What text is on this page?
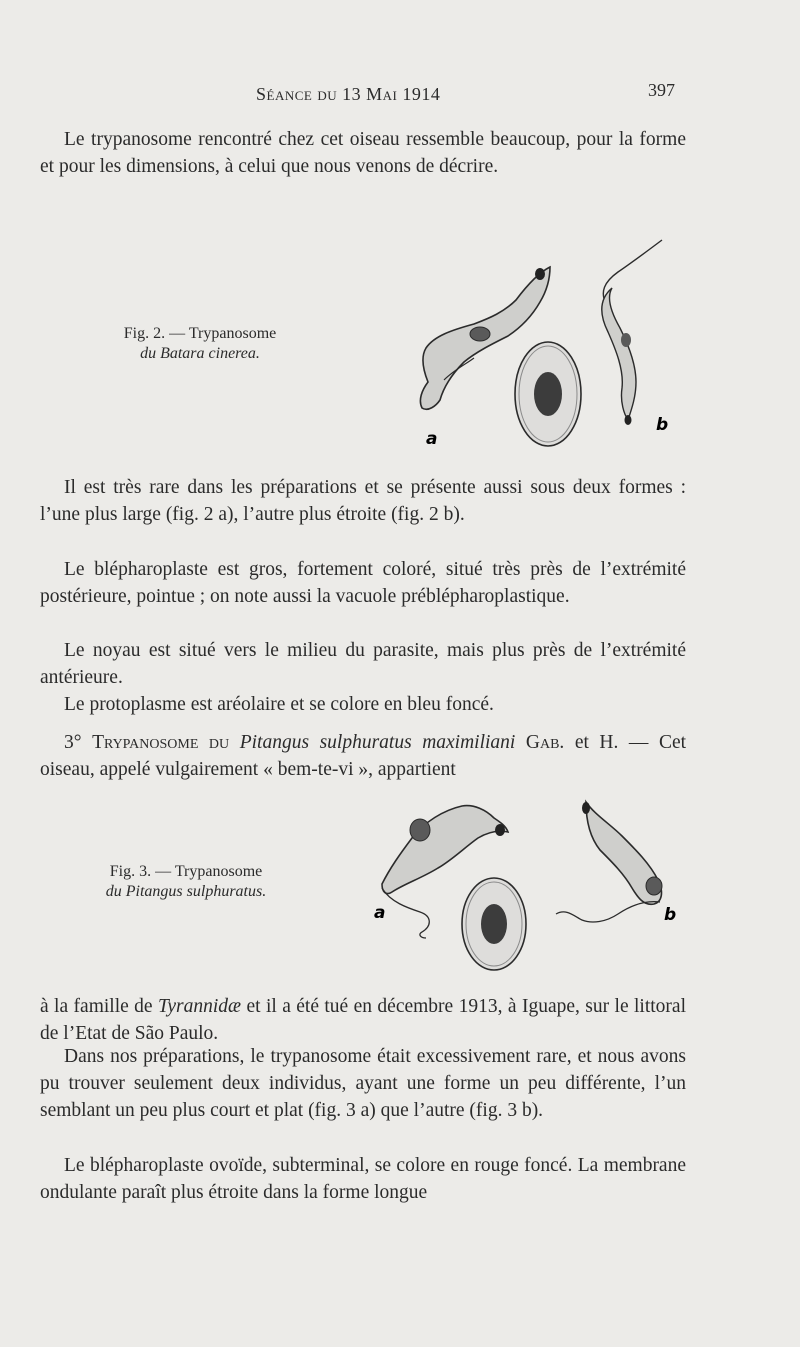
Séance du 13 Mai 1914	397

Le trypanosome rencontré chez cet oiseau ressemble beaucoup, pour la forme et pour les dimensions, à celui que nous venons de décrire.

Fig. 2. — Trypanosome
du Batara cinerea.
a
b

Il est très rare dans les préparations et se présente aussi sous deux formes : l’une plus large (fig. 2 a), l’autre plus étroite (fig. 2 b).

Le blépharoplaste est gros, fortement coloré, situé très près de l’extrémité postérieure, pointue ; on note aussi la vacuole préblépharoplastique.

Le noyau est situé vers le milieu du parasite, mais plus près de l’extrémité antérieure.

Le protoplasme est aréolaire et se colore en bleu foncé.

3° Trypanosome du Pitangus sulphuratus maximiliani Gab. et H. — Cet oiseau, appelé vulgairement « bem-te-vi », appartient

Fig. 3. — Trypanosome
du Pitangus sulphuratus.
a	b

à la famille de Tyrannidæ et il a été tué en décembre 1913, à Iguape, sur le littoral de l’Etat de São Paulo.

Dans nos préparations, le trypanosome était excessivement rare, et nous avons pu trouver seulement deux individus, ayant une forme un peu différente, l’un semblant un peu plus court et plat (fig. 3 a) que l’autre (fig. 3 b).

Le blépharoplaste ovoïde, subterminal, se colore en rouge foncé. La membrane ondulante paraît plus étroite dans la forme longue
